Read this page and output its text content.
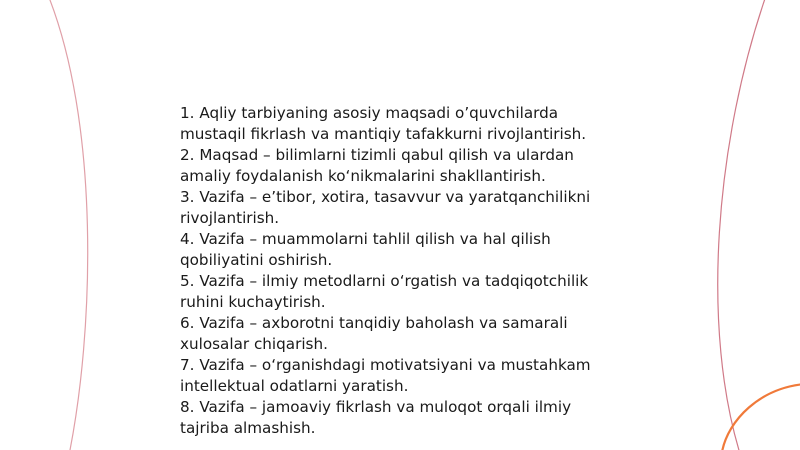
1. Aqliy tarbiyaning asosiy maqsadi o’quvchilarda
mustaqil fikrlash va mantiqiy tafakkurni rivojlantirish.
2. Maqsad – bilimlarni tizimli qabul qilish va ulardan
amaliy foydalanish ko‘nikmalarini shakllantirish.
3. Vazifa – e’tibor, xotira, tasavvur va yaratqanchilikni
rivojlantirish.
4. Vazifa – muammolarni tahlil qilish va hal qilish
qobiliyatini oshirish.
5. Vazifa – ilmiy metodlarni o‘rgatish va tadqiqotchilik
ruhini kuchaytirish.
6. Vazifa – axborotni tanqidiy baholash va samarali
xulosalar chiqarish.
7. Vazifa – o‘rganishdagi motivatsiyani va mustahkam
intellektual odatlarni yaratish.
8. Vazifa – jamoaviy fikrlash va muloqot orqali ilmiy
tajriba almashish.
